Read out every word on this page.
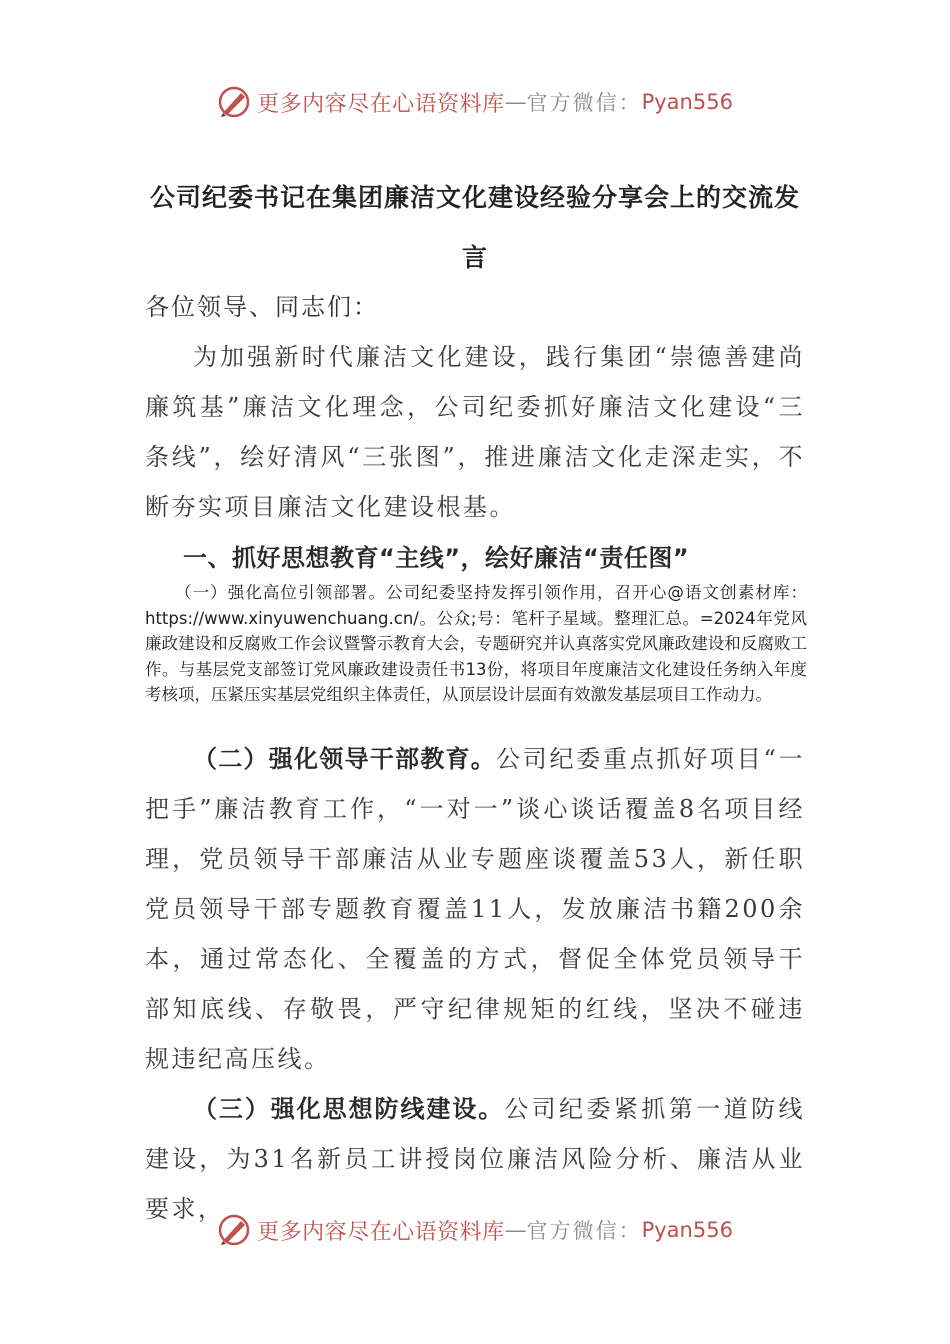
更多内容尽在心语资料库 — 官方微信： Pyan556
公司纪委书记在集团廉洁文化建设经验分享会上的交流发言
各位领导、同志们：
为加强新时代廉洁文化建设，践行集团“崇德善建尚廉筑基”廉洁文化理念，公司纪委抓好廉洁文化建设“三条线”，绘好清风“三张图”，推进廉洁文化走深走实，不断夯实项目廉洁文化建设根基。
一、抓好思想教育“主线”，绘好廉洁“责任图”
（一）强化高位引领部署。公司纪委坚持发挥引领作用，召开心@语文创素材库：https://www.xinyuwenchuang.cn/。公众;号：笔杆子星域。整理汇总。=2024年党风廉政建设和反腐败工作会议暨警示教育大会，专题研究并认真落实党风廉政建设和反腐败工作。与基层党支部签订党风廉政建设责任书13份，将项目年度廉洁文化建设任务纳入年度考核项，压紧压实基层党组织主体责任，从顶层设计层面有效激发基层项目工作动力。
（二）强化领导干部教育。公司纪委重点抓好项目“一把手”廉洁教育工作，“一对一”谈心谈话覆盖8名项目经理，党员领导干部廉洁从业专题座谈覆盖53人，新任职党员领导干部专题教育覆盖11人，发放廉洁书籍200余本，通过常态化、全覆盖的方式，督促全体党员领导干部知底线、存敬畏，严守纪律规矩的红线，坚决不碰违规违纪高压线。
（三）强化思想防线建设。公司纪委紧抓第一道防线建设，为31名新员工讲授岗位廉洁风险分析、廉洁从业要求，
更多内容尽在心语资料库 — 官方微信： Pyan556
